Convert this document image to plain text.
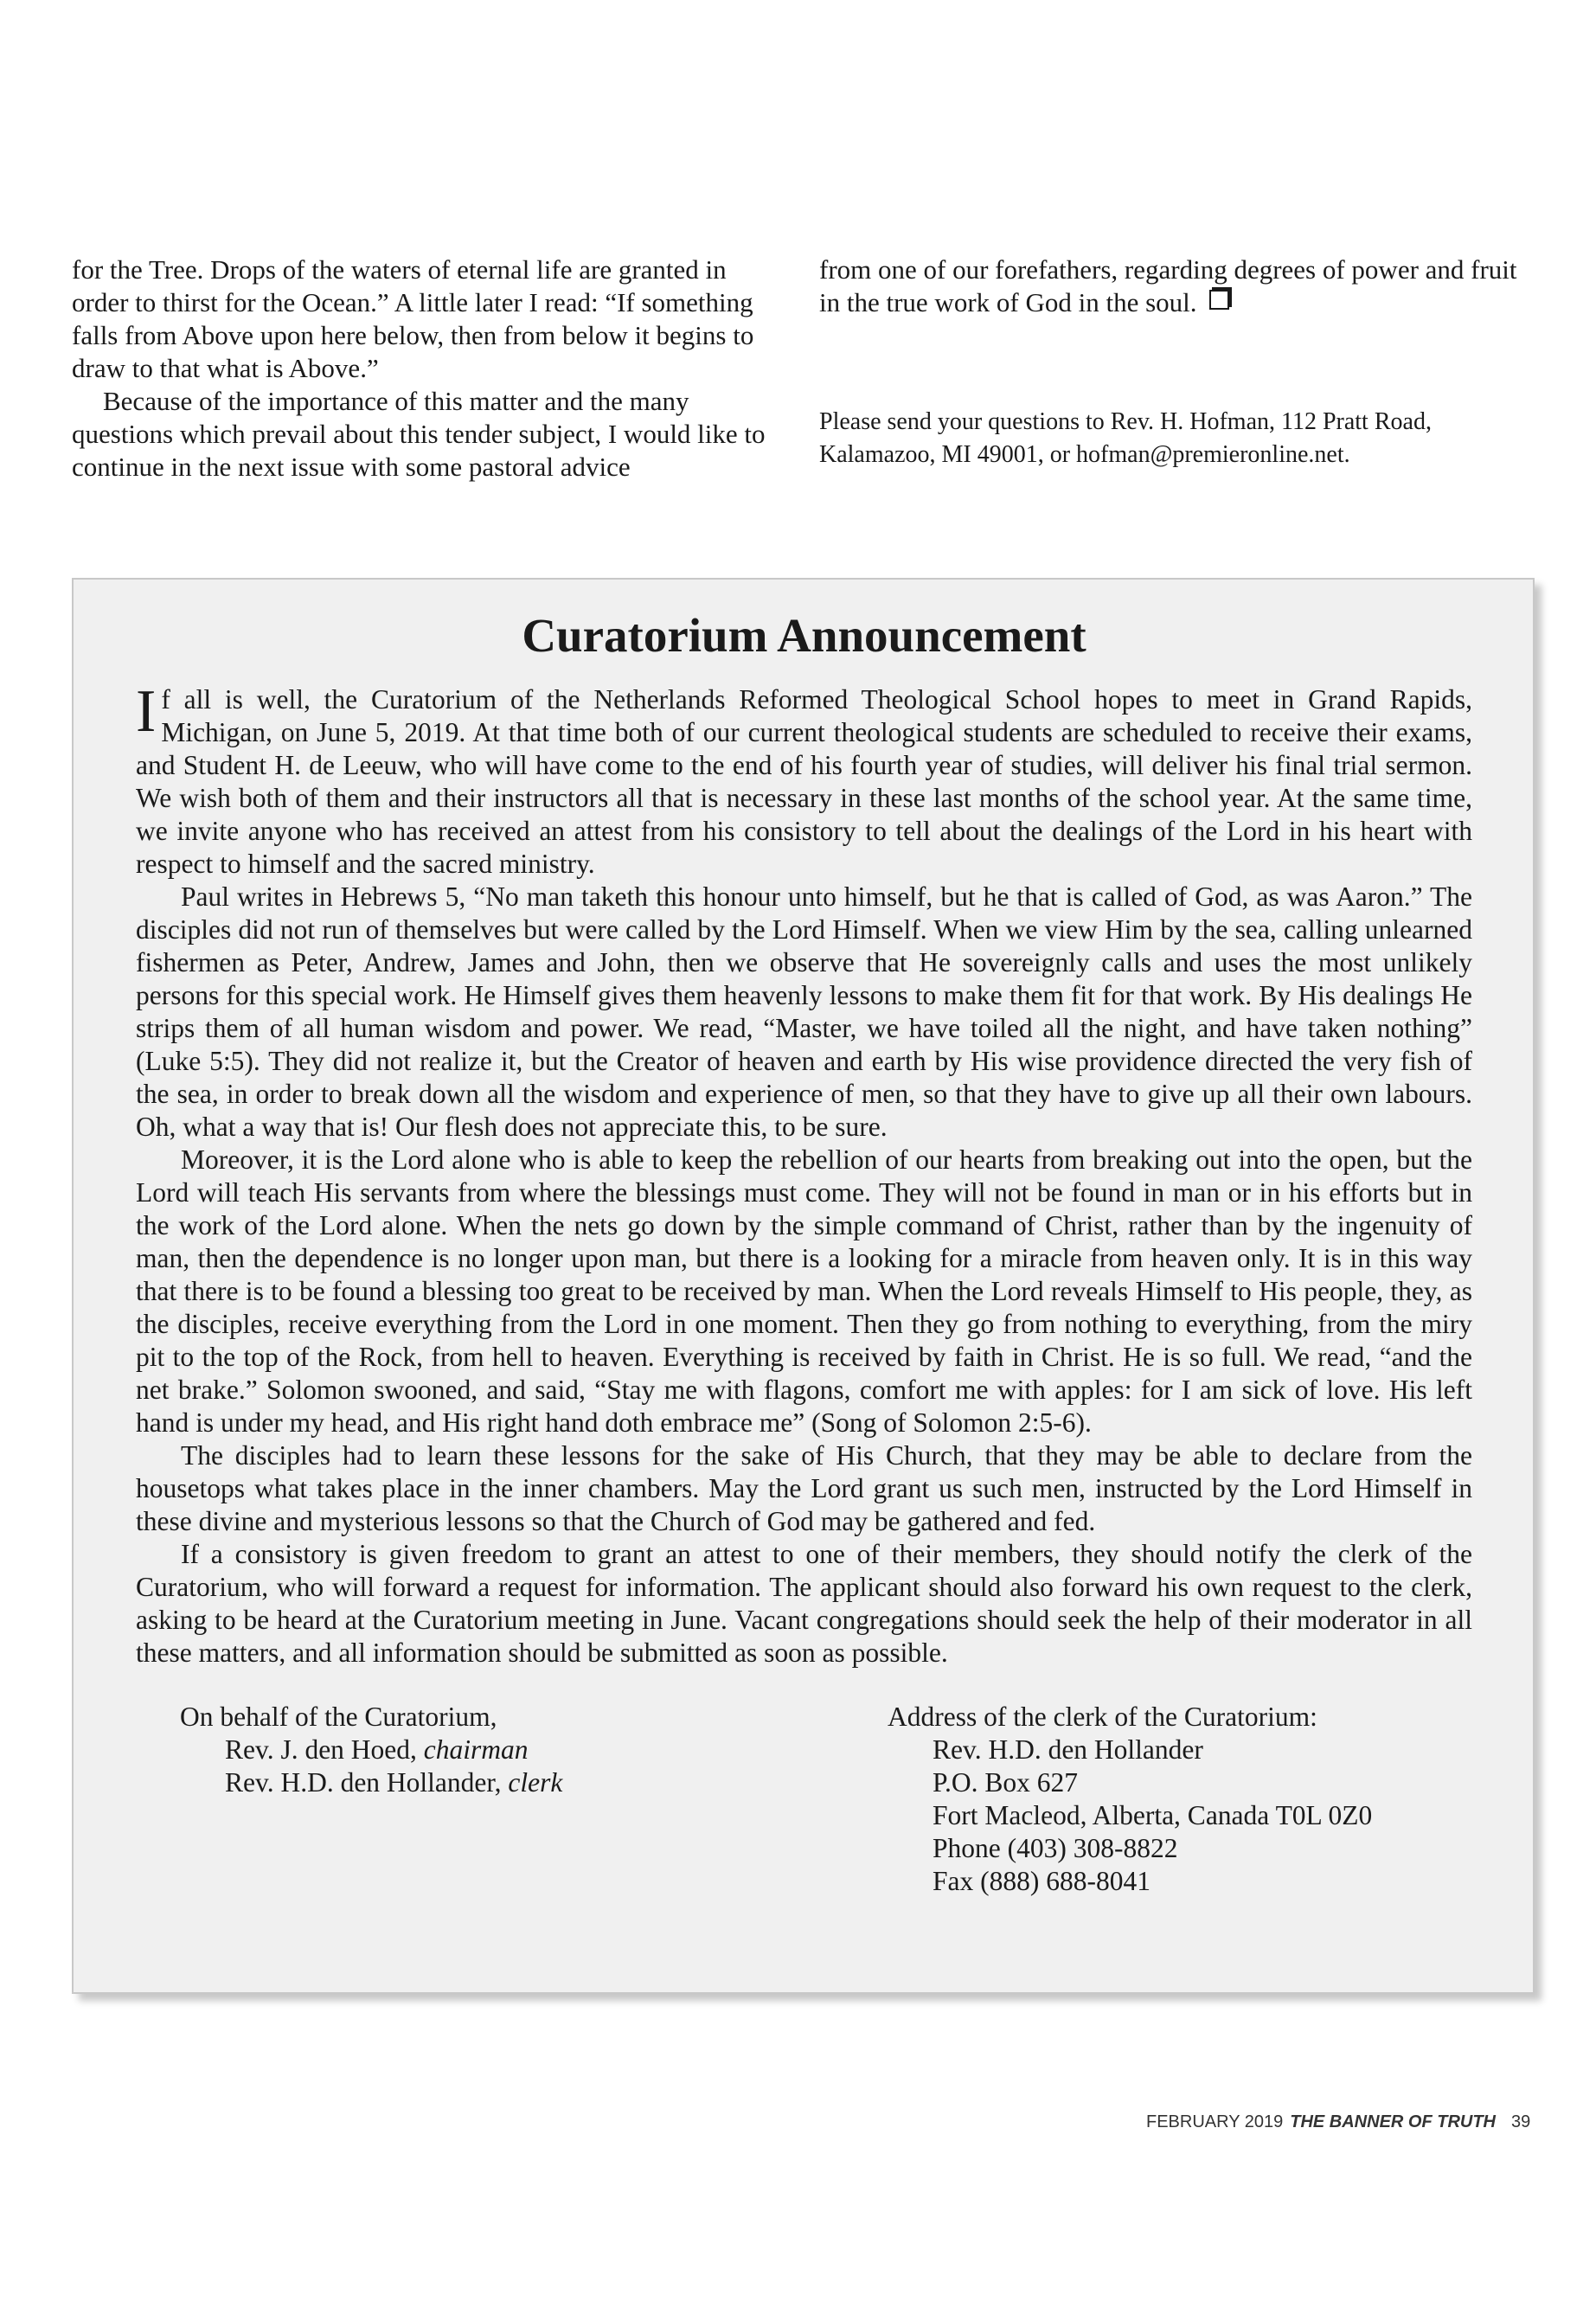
for the Tree. Drops of the waters of eternal life are granted in order to thirst for the Ocean.” A little later I read: “If something falls from Above upon here below, then from below it begins to draw to that what is Above.”

Because of the importance of this matter and the many questions which prevail about this tender subject, I would like to continue in the next issue with some pastoral advice

from one of our forefathers, regarding degrees of power and fruit in the true work of God in the soul.

Please send your questions to Rev. H. Hofman, 112 Pratt Road,
Kalamazoo, MI 49001, or hofman@premieronline.net.

Curatorium Announcement

If all is well, the Curatorium of the Netherlands Reformed Theological School hopes to meet in Grand Rapids, Michigan, on June 5, 2019. At that time both of our current theological students are scheduled to receive their exams, and Student H. de Leeuw, who will have come to the end of his fourth year of studies, will deliver his final trial sermon. We wish both of them and their instructors all that is necessary in these last months of the school year. At the same time, we invite anyone who has received an attest from his consistory to tell about the dealings of the Lord in his heart with respect to himself and the sacred ministry.

Paul writes in Hebrews 5, “No man taketh this honour unto himself, but he that is called of God, as was Aaron.” The disciples did not run of themselves but were called by the Lord Himself. When we view Him by the sea, calling unlearned fishermen as Peter, Andrew, James and John, then we observe that He sovereignly calls and uses the most unlikely persons for this special work. He Himself gives them heavenly lessons to make them fit for that work. By His dealings He strips them of all human wisdom and power. We read, “Master, we have toiled all the night, and have taken nothing” (Luke 5:5). They did not realize it, but the Creator of heaven and earth by His wise providence directed the very fish of the sea, in order to break down all the wisdom and experience of men, so that they have to give up all their own labours. Oh, what a way that is! Our flesh does not appreciate this, to be sure.

Moreover, it is the Lord alone who is able to keep the rebellion of our hearts from breaking out into the open, but the Lord will teach His servants from where the blessings must come. They will not be found in man or in his efforts but in the work of the Lord alone. When the nets go down by the simple command of Christ, rather than by the ingenuity of man, then the dependence is no longer upon man, but there is a looking for a miracle from heaven only. It is in this way that there is to be found a blessing too great to be received by man. When the Lord reveals Himself to His people, they, as the disciples, receive everything from the Lord in one moment. Then they go from nothing to everything, from the miry pit to the top of the Rock, from hell to heaven. Everything is received by faith in Christ. He is so full. We read, “and the net brake.” Solomon swooned, and said, “Stay me with flagons, comfort me with apples: for I am sick of love. His left hand is under my head, and His right hand doth embrace me” (Song of Solomon 2:5-6).

The disciples had to learn these lessons for the sake of His Church, that they may be able to declare from the housetops what takes place in the inner chambers. May the Lord grant us such men, instructed by the Lord Himself in these divine and mysterious lessons so that the Church of God may be gathered and fed.

If a consistory is given freedom to grant an attest to one of their members, they should notify the clerk of the Curatorium, who will forward a request for information. The applicant should also forward his own request to the clerk, asking to be heard at the Curatorium meeting in June. Vacant congregations should seek the help of their moderator in all these matters, and all information should be submitted as soon as possible.

On behalf of the Curatorium,
Rev. J. den Hoed, chairman
Rev. H.D. den Hollander, clerk
Address of the clerk of the Curatorium:
Rev. H.D. den Hollander
P.O. Box 627
Fort Macleod, Alberta, Canada T0L 0Z0
Phone (403) 308-8822
Fax (888) 688-8041
FEBRUARY 2019 THE BANNER OF TRUTH 39
